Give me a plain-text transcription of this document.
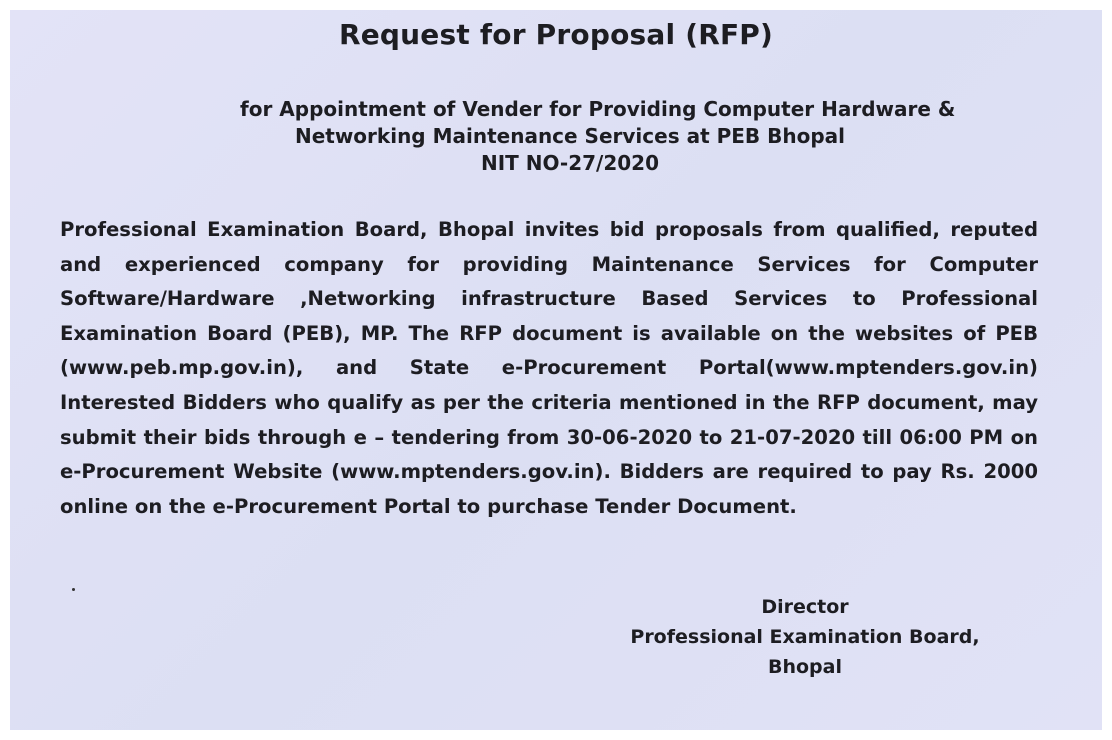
Request for Proposal (RFP)
for Appointment of Vender for Providing Computer Hardware &
Networking Maintenance Services at PEB Bhopal
NIT NO-27/2020
Professional Examination Board, Bhopal invites bid proposals from qualified, reputed and experienced company for providing Maintenance Services for Computer Software/Hardware ,Networking infrastructure Based Services to Professional Examination Board (PEB), MP. The RFP document is available on the websites of PEB (www.peb.mp.gov.in), and State e-Procurement Portal(www.mptenders.gov.in) Interested Bidders who qualify as per the criteria mentioned in the RFP document, may submit their bids through e – tendering from 30-06-2020 to 21-07-2020 till 06:00 PM on e-Procurement Website (www.mptenders.gov.in). Bidders are required to pay Rs. 2000 online on the e-Procurement Portal to purchase Tender Document.
Director
Professional Examination Board,
Bhopal
